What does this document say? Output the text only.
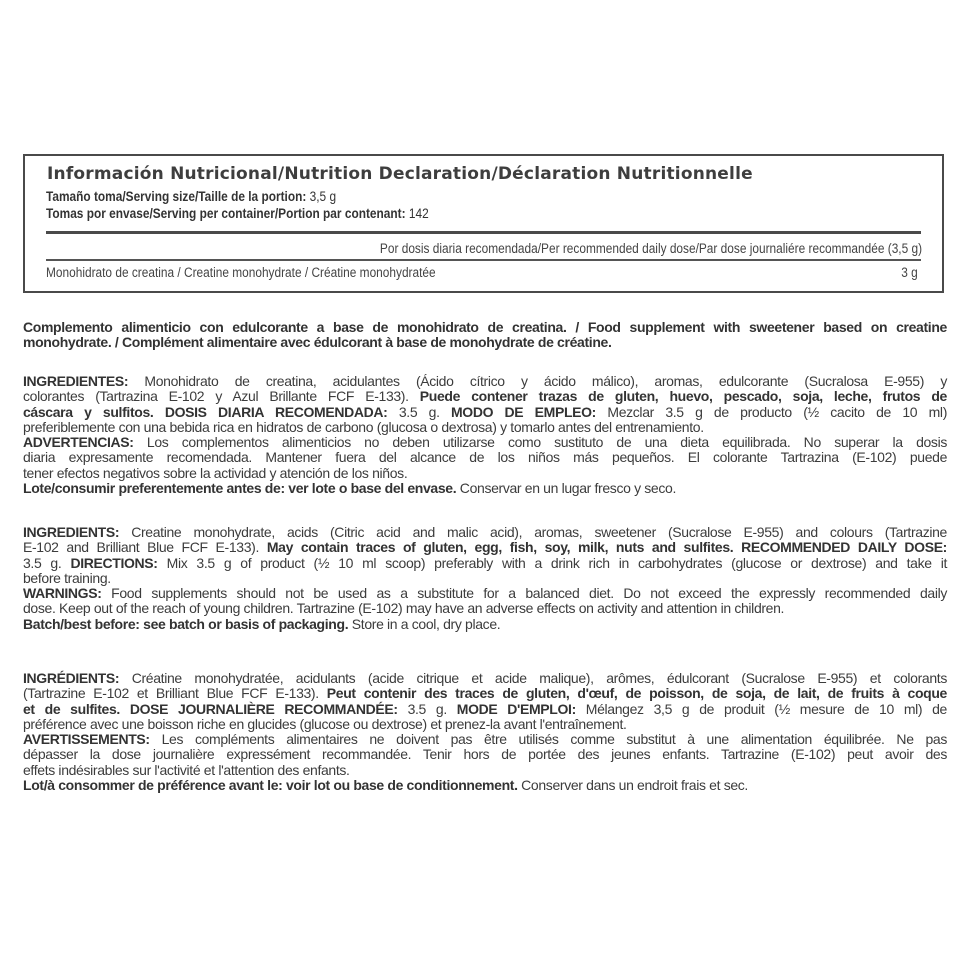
Información Nutricional/Nutrition Declaration/Déclaration Nutritionnelle
Tamaño toma/Serving size/Taille de la portion: 3,5 g
Tomas por envase/Serving per container/Portion par contenant: 142
Por dosis diaria recomendada/Per recommended daily dose/Par dose journaliére recommandée (3,5 g)
Monohidrato de creatina / Creatine monohydrate / Créatine monohydratée	3 g
Complemento alimenticio con edulcorante a base de monohidrato de creatina. / Food supplement with sweetener based on creatine
monohydrate. / Complément alimentaire avec édulcorant à base de monohydrate de créatine.
INGREDIENTES: Monohidrato de creatina, acidulantes (Ácido cítrico y ácido málico), aromas, edulcorante (Sucralosa E-955) y
colorantes (Tartrazina E-102 y Azul Brillante FCF E-133). Puede contener trazas de gluten, huevo, pescado, soja, leche, frutos de
cáscara y sulfitos. DOSIS DIARIA RECOMENDADA: 3.5 g. MODO DE EMPLEO: Mezclar 3.5 g de producto (½ cacito de 10 ml)
preferiblemente con una bebida rica en hidratos de carbono (glucosa o dextrosa) y tomarlo antes del entrenamiento.
ADVERTENCIAS: Los complementos alimenticios no deben utilizarse como sustituto de una dieta equilibrada. No superar la dosis
diaria expresamente recomendada. Mantener fuera del alcance de los niños más pequeños. El colorante Tartrazina (E-102) puede
tener efectos negativos sobre la actividad y atención de los niños.
Lote/consumir preferentemente antes de: ver lote o base del envase. Conservar en un lugar fresco y seco.
INGREDIENTS: Creatine monohydrate, acids (Citric acid and malic acid), aromas, sweetener (Sucralose E-955) and colours (Tartrazine
E-102 and Brilliant Blue FCF E-133). May contain traces of gluten, egg, fish, soy, milk, nuts and sulfites. RECOMMENDED DAILY DOSE:
3.5 g. DIRECTIONS: Mix 3.5 g of product (½ 10 ml scoop) preferably with a drink rich in carbohydrates (glucose or dextrose) and take it
before training.
WARNINGS: Food supplements should not be used as a substitute for a balanced diet. Do not exceed the expressly recommended daily
dose. Keep out of the reach of young children. Tartrazine (E-102) may have an adverse effects on activity and attention in children.
Batch/best before: see batch or basis of packaging. Store in a cool, dry place.
INGRÉDIENTS: Créatine monohydratée, acidulants (acide citrique et acide malique), arômes, édulcorant (Sucralose E-955) et colorants
(Tartrazine E-102 et Brilliant Blue FCF E-133). Peut contenir des traces de gluten, d'œuf, de poisson, de soja, de lait, de fruits à coque
et de sulfites. DOSE JOURNALIÈRE RECOMMANDÉE: 3.5 g. MODE D'EMPLOI: Mélangez 3,5 g de produit (½ mesure de 10 ml) de
préférence avec une boisson riche en glucides (glucose ou dextrose) et prenez-la avant l'entraînement.
AVERTISSEMENTS: Les compléments alimentaires ne doivent pas être utilisés comme substitut à une alimentation équilibrée. Ne pas
dépasser la dose journalière expressément recommandée. Tenir hors de portée des jeunes enfants. Tartrazine (E-102) peut avoir des
effets indésirables sur l'activité et l'attention des enfants.
Lot/à consommer de préférence avant le: voir lot ou base de conditionnement. Conserver dans un endroit frais et sec.
